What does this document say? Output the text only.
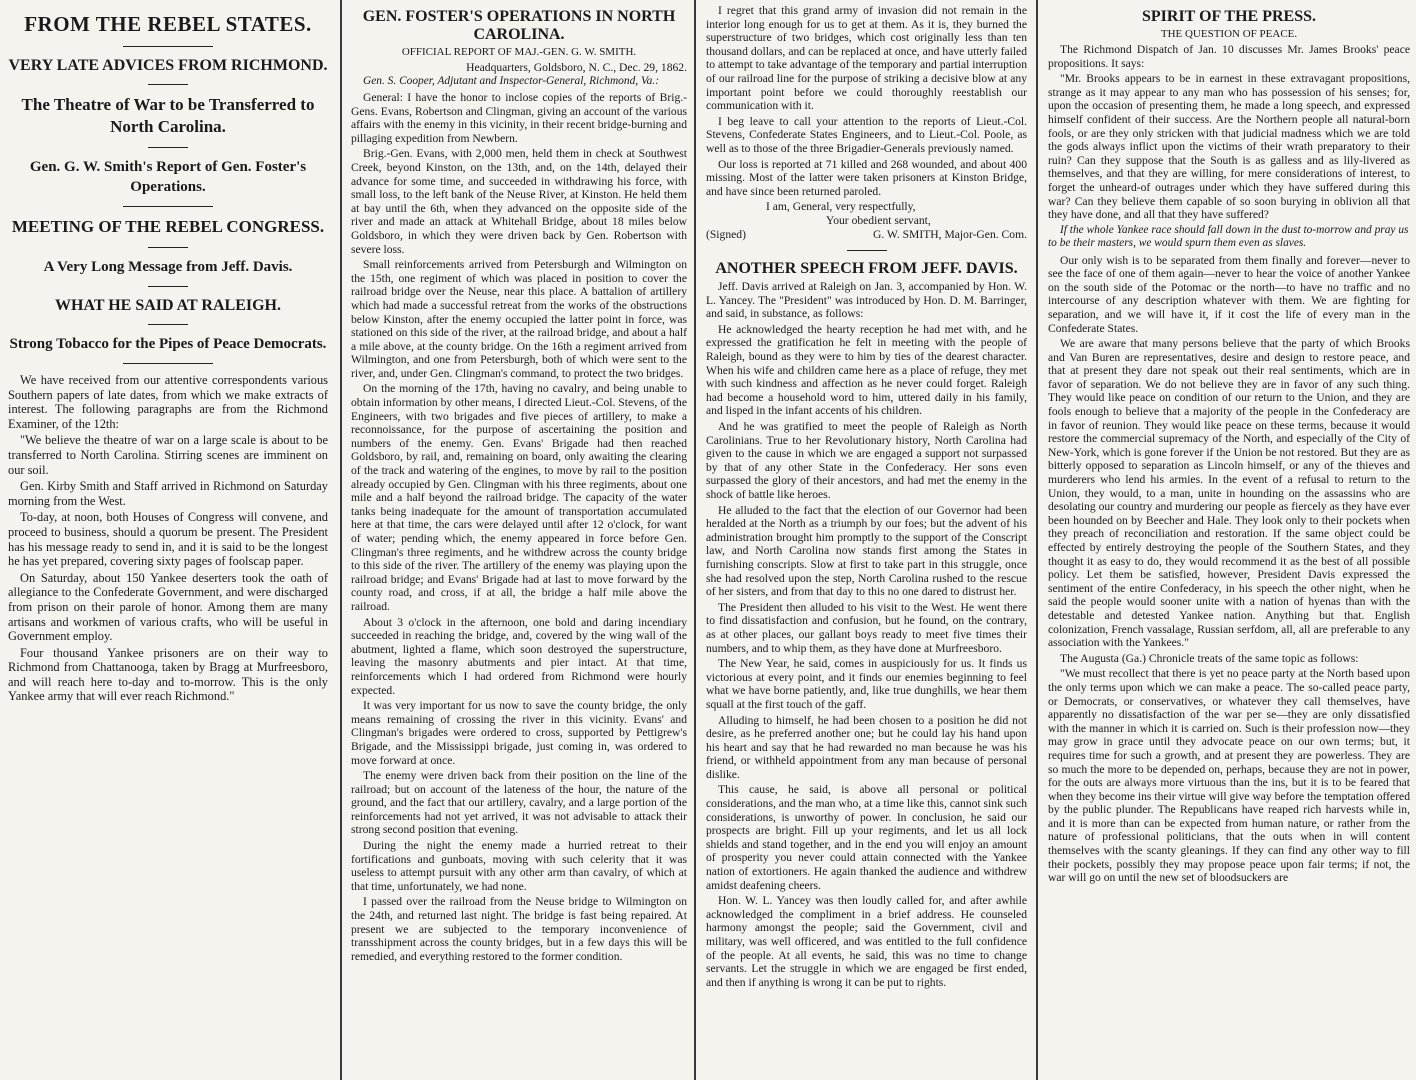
FROM THE REBEL STATES.
VERY LATE ADVICES FROM RICHMOND.
The Theatre of War to be Transferred to North Carolina.
Gen. G. W. Smith's Report of Gen. Foster's Operations.
MEETING OF THE REBEL CONGRESS.
A Very Long Message from Jeff. Davis.
WHAT HE SAID AT RALEIGH.
Strong Tobacco for the Pipes of Peace Democrats.

We have received from our attentive correspondents various Southern papers of late dates, from which we make extracts of interest. The following paragraphs are from the Richmond Examiner, of the 12th:

"We believe the theatre of war on a large scale is about to be transferred to North Carolina. Stirring scenes are imminent on our soil.

Gen. Kirby Smith and Staff arrived in Richmond on Saturday morning from the West.

To-day, at noon, both Houses of Congress will convene, and proceed to business, should a quorum be present. The President has his message ready to send in, and it is said to be the longest he has yet prepared, covering sixty pages of foolscap paper.

On Saturday, about 150 Yankee deserters took the oath of allegiance to the Confederate Government, and were discharged from prison on their parole of honor. Among them are many artisans and workmen of various crafts, who will be useful in Government employ.

Four thousand Yankee prisoners are on their way to Richmond from Chattanooga, taken by Bragg at Murfreesboro, and will reach here to-day and to-morrow. This is the only Yankee army that will ever reach Richmond."

GEN. FOSTER'S OPERATIONS IN NORTH CAROLINA.
OFFICIAL REPORT OF MAJ.-GEN. G. W. SMITH.

Headquarters, Goldsboro, N. C., Dec. 29, 1862.

Gen. S. Cooper, Adjutant and Inspector-General, Richmond, Va.:

General: I have the honor to inclose copies of the reports of Brig.-Gens. Evans, Robertson and Clingman, giving an account of the various affairs with the enemy in this vicinity, in their recent bridge-burning and pillaging expedition from Newbern.

Brig.-Gen. Evans, with 2,000 men, held them in check at Southwest Creek, beyond Kinston, on the 13th, and, on the 14th, delayed their advance for some time, and succeeded in withdrawing his force, with small loss, to the left bank of the Neuse River, at Kinston. He held them at bay until the 6th, when they advanced on the opposite side of the river and made an attack at Whitehall Bridge, about 18 miles below Goldsboro, in which they were driven back by Gen. Robertson with severe loss.

Small reinforcements arrived from Petersburgh and Wilmington on the 15th, one regiment of which was placed in position to cover the railroad bridge over the Neuse, near this place. A battalion of artillery which had made a successful retreat from the works of the obstructions below Kinston, after the enemy occupied the latter point in force, was stationed on this side of the river, at the railroad bridge, and about a half a mile above, at the county bridge. On the 16th a regiment arrived from Wilmington, and one from Petersburgh, both of which were sent to the river, and, under Gen. Clingman's command, to protect the two bridges.

On the morning of the 17th, having no cavalry, and being unable to obtain information by other means, I directed Lieut.-Col. Stevens, of the Engineers, with two brigades and five pieces of artillery, to make a reconnoissance, for the purpose of ascertaining the position and numbers of the enemy. Gen. Evans' Brigade had then reached Goldsboro, by rail, and, remaining on board, only awaiting the clearing of the track and watering of the engines, to move by rail to the position already occupied by Gen. Clingman with his three regiments, about one mile and a half beyond the railroad bridge. The capacity of the water tanks being inadequate for the amount of transportation accumulated here at that time, the cars were delayed until after 12 o'clock, for want of water; pending which, the enemy appeared in force before Gen. Clingman's three regiments, and he withdrew across the county bridge to this side of the river. The artillery of the enemy was playing upon the railroad bridge; and Evans' Brigade had at last to move forward by the county road, and cross, if at all, the bridge a half mile above the railroad.

About 3 o'clock in the afternoon, one bold and daring incendiary succeeded in reaching the bridge, and, covered by the wing wall of the abutment, lighted a flame, which soon destroyed the superstructure, leaving the masonry abutments and pier intact. At that time, reinforcements which I had ordered from Richmond were hourly expected.

It was very important for us now to save the county bridge, the only means remaining of crossing the river in this vicinity. Evans' and Clingman's brigades were ordered to cross, supported by Pettigrew's Brigade, and the Mississippi brigade, just coming in, was ordered to move forward at once.

The enemy were driven back from their position on the line of the railroad; but on account of the lateness of the hour, the nature of the ground, and the fact that our artillery, cavalry, and a large portion of the reinforcements had not yet arrived, it was not advisable to attack their strong second position that evening.

During the night the enemy made a hurried retreat to their fortifications and gunboats, moving with such celerity that it was useless to attempt pursuit with any other arm than cavalry, of which at that time, unfortunately, we had none.

I passed over the railroad from the Neuse bridge to Wilmington on the 24th, and returned last night. The bridge is fast being repaired. At present we are subjected to the temporary inconvenience of transshipment across the county bridges, but in a few days this will be remedied, and everything restored to the former condition.

I regret that this grand army of invasion did not remain in the interior long enough for us to get at them. As it is, they burned the superstructure of two bridges, which cost originally less than ten thousand dollars, and can be replaced at once, and have utterly failed to attempt to take advantage of the temporary and partial interruption of our railroad line for the purpose of striking a decisive blow at any important point before we could thoroughly reestablish our communication with it.

I beg leave to call your attention to the reports of Lieut.-Col. Stevens, Confederate States Engineers, and to Lieut.-Col. Poole, as well as to those of the three Brigadier-Generals previously named.

Our loss is reported at 71 killed and 268 wounded, and about 400 missing. Most of the latter were taken prisoners at Kinston Bridge, and have since been returned paroled.

I am, General, very respectfully,

Your obedient servant,

(Signed)	G. W. SMITH, Major-Gen. Com.
ANOTHER SPEECH FROM JEFF. DAVIS.

Jeff. Davis arrived at Raleigh on Jan. 3, accompanied by Hon. W. L. Yancey. The "President" was introduced by Hon. D. M. Barringer, and said, in substance, as follows:

He acknowledged the hearty reception he had met with, and he expressed the gratification he felt in meeting with the people of Raleigh, bound as they were to him by ties of the dearest character. When his wife and children came here as a place of refuge, they met with such kindness and affection as he never could forget. Raleigh had become a household word to him, uttered daily in his family, and lisped in the infant accents of his children.

And he was gratified to meet the people of Raleigh as North Carolinians. True to her Revolutionary history, North Carolina had given to the cause in which we are engaged a support not surpassed by that of any other State in the Confederacy. Her sons even surpassed the glory of their ancestors, and had met the enemy in the shock of battle like heroes.

He alluded to the fact that the election of our Governor had been heralded at the North as a triumph by our foes; but the advent of his administration brought him promptly to the support of the Conscript law, and North Carolina now stands first among the States in furnishing conscripts. Slow at first to take part in this struggle, once she had resolved upon the step, North Carolina rushed to the rescue of her sisters, and from that day to this no one dared to distrust her.

The President then alluded to his visit to the West. He went there to find dissatisfaction and confusion, but he found, on the contrary, as at other places, our gallant boys ready to meet five times their numbers, and to whip them, as they have done at Murfreesboro.

The New Year, he said, comes in auspiciously for us. It finds us victorious at every point, and it finds our enemies beginning to feel what we have borne patiently, and, like true dunghills, we hear them squall at the first touch of the gaff.

Alluding to himself, he had been chosen to a position he did not desire, as he preferred another one; but he could lay his hand upon his heart and say that he had rewarded no man because he was his friend, or withheld appointment from any man because of personal dislike.

This cause, he said, is above all personal or political considerations, and the man who, at a time like this, cannot sink such considerations, is unworthy of power. In conclusion, he said our prospects are bright. Fill up your regiments, and let us all lock shields and stand together, and in the end you will enjoy an amount of prosperity you never could attain connected with the Yankee nation of extortioners. He again thanked the audience and withdrew amidst deafening cheers.

Hon. W. L. Yancey was then loudly called for, and after awhile acknowledged the compliment in a brief address. He counseled harmony amongst the people; said the Government, civil and military, was well officered, and was entitled to the full confidence of the people. At all events, he said, this was no time to change servants. Let the struggle in which we are engaged be first ended, and then if anything is wrong it can be put to rights.

SPIRIT OF THE PRESS.
THE QUESTION OF PEACE.

The Richmond Dispatch of Jan. 10 discusses Mr. James Brooks' peace propositions. It says:

"Mr. Brooks appears to be in earnest in these extravagant propositions, strange as it may appear to any man who has possession of his senses; for, upon the occasion of presenting them, he made a long speech, and expressed himself confident of their success. Are the Northern people all natural-born fools, or are they only stricken with that judicial madness which we are told the gods always inflict upon the victims of their wrath preparatory to their ruin? Can they suppose that the South is as galless and as lily-livered as themselves, and that they are willing, for mere considerations of interest, to forget the unheard-of outrages under which they have suffered during this war? Can they believe them capable of so soon burying in oblivion all that they have done, and all that they have suffered?

If the whole Yankee race should fall down in the dust to-morrow and pray us to be their masters, we would spurn them even as slaves.

Our only wish is to be separated from them finally and forever—never to see the face of one of them again—never to hear the voice of another Yankee on the south side of the Potomac or the north—to have no traffic and no intercourse of any description whatever with them. We are fighting for separation, and we will have it, if it cost the life of every man in the Confederate States.

We are aware that many persons believe that the party of which Brooks and Van Buren are representatives, desire and design to restore peace, and that at present they dare not speak out their real sentiments, which are in favor of separation. We do not believe they are in favor of any such thing. They would like peace on condition of our return to the Union, and they are fools enough to believe that a majority of the people in the Confederacy are in favor of reunion. They would like peace on these terms, because it would restore the commercial supremacy of the North, and especially of the City of New-York, which is gone forever if the Union be not restored. But they are as bitterly opposed to separation as Lincoln himself, or any of the thieves and murderers who lend his armies. In the event of a refusal to return to the Union, they would, to a man, unite in hounding on the assassins who are desolating our country and murdering our people as fiercely as they have ever been hounded on by Beecher and Hale. They look only to their pockets when they preach of reconciliation and restoration. If the same object could be effected by entirely destroying the people of the Southern States, and they thought it as easy to do, they would recommend it as the best of all possible policy. Let them be satisfied, however, President Davis expressed the sentiment of the entire Confederacy, in his speech the other night, when he said the people would sooner unite with a nation of hyenas than with the detestable and detested Yankee nation. Anything but that. English colonization, French vassalage, Russian serfdom, all, all are preferable to any association with the Yankees."

The Augusta (Ga.) Chronicle treats of the same topic as follows:

"We must recollect that there is yet no peace party at the North based upon the only terms upon which we can make a peace. The so-called peace party, or Democrats, or conservatives, or whatever they call themselves, have apparently no dissatisfaction of the war per se—they are only dissatisfied with the manner in which it is carried on. Such is their profession now—they may grow in grace until they advocate peace on our own terms; but, it requires time for such a growth, and at present they are powerless. They are so much the more to be depended on, perhaps, because they are not in power, for the outs are always more virtuous than the ins, but it is to be feared that when they become ins their virtue will give way before the temptation offered by the public plunder. The Republicans have reaped rich harvests while in, and it is more than can be expected from human nature, or rather from the nature of professional politicians, that the outs when in will content themselves with the scanty gleanings. If they can find any other way to fill their pockets, possibly they may propose peace upon fair terms; if not, the war will go on until the new set of bloodsuckers are
